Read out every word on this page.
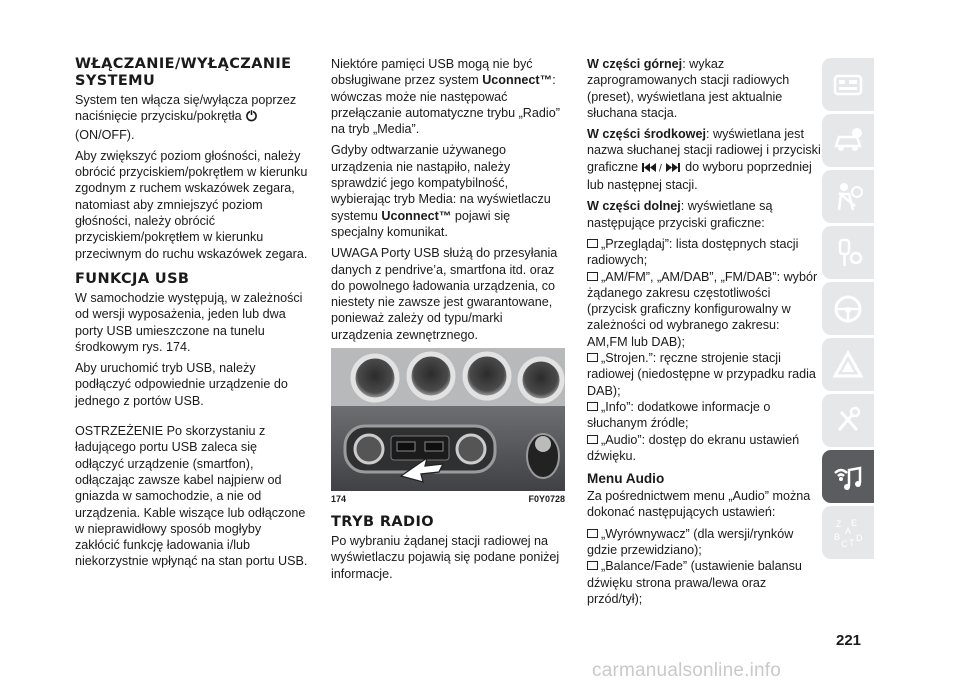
WŁĄCZANIE/WYŁĄCZANIE SYSTEMU

System ten włącza się/wyłącza poprzez naciśnięcie przycisku/pokrętła  (ON/OFF).

Aby zwiększyć poziom głośności, należy obrócić przyciskiem/pokrętłem w kierunku zgodnym z ruchem wskazówek zegara, natomiast aby zmniejszyć poziom głośności, należy obrócić przyciskiem/pokrętłem w kierunku przeciwnym do ruchu wskazówek zegara.

FUNKCJA USB

W samochodzie występują, w zależności od wersji wyposażenia, jeden lub dwa porty USB umieszczone na tunelu środkowym rys. 174.

Aby uruchomić tryb USB, należy podłączyć odpowiednie urządzenie do jednego z portów USB.

OSTRZEŻENIE Po skorzystaniu z ładującego portu USB zaleca się odłączyć urządzenie (smartfon), odłączając zawsze kabel najpierw od gniazda w samochodzie, a nie od urządzenia. Kable wiszące lub odłączone w nieprawidłowy sposób mogłyby zakłócić funkcję ładowania i/lub niekorzystnie wpłynąć na stan portu USB.

Niektóre pamięci USB mogą nie być obsługiwane przez system Uconnect™: wówczas może nie następować przełączanie automatyczne trybu „Radio” na tryb „Media”.

Gdyby odtwarzanie używanego urządzenia nie nastąpiło, należy sprawdzić jego kompatybilność, wybierając tryb Media: na wyświetlaczu systemu Uconnect™ pojawi się specjalny komunikat.

UWAGA Porty USB służą do przesyłania danych z pendrive’a, smartfona itd. oraz do powolnego ładowania urządzenia, co niestety nie zawsze jest gwarantowane, ponieważ zależy od typu/marki urządzenia zewnętrznego.

174	F0Y0728
TRYB RADIO

Po wybraniu żądanej stacji radiowej na wyświetlaczu pojawią się podane poniżej informacje.

W części górnej: wykaz zaprogramowanych stacji radiowych (preset), wyświetlana jest aktualnie słuchana stacja.

W części środkowej: wyświetlana jest nazwa słuchanej stacji radiowej i przyciski graficzne / do wyboru poprzedniej lub następnej stacji.

W części dolnej: wyświetlane są następujące przyciski graficzne:

„Przeglądaj”: lista dostępnych stacji radiowych;
„AM/FM”, „AM/DAB”, „FM/DAB”: wybór żądanego zakresu częstotliwości (przycisk graficzny konfigurowalny w zależności od wybranego zakresu: AM,FM lub DAB);
„Strojen.”: ręczne strojenie stacji radiowej (niedostępne w przypadku radia DAB);
„Info”: dodatkowe informacje o słuchanym źródle;
„Audio”: dostęp do ekranu ustawień dźwięku.
Menu Audio

Za pośrednictwem menu „Audio” można dokonać następujących ustawień:

„Wyrównywacz” (dla wersji/rynków gdzie przewidziano);
„Balance/Fade” (ustawienie balansu dźwięku strona prawa/lewa oraz przód/tył);
Z E
A
B
C T D
221
carmanualsonline.info
